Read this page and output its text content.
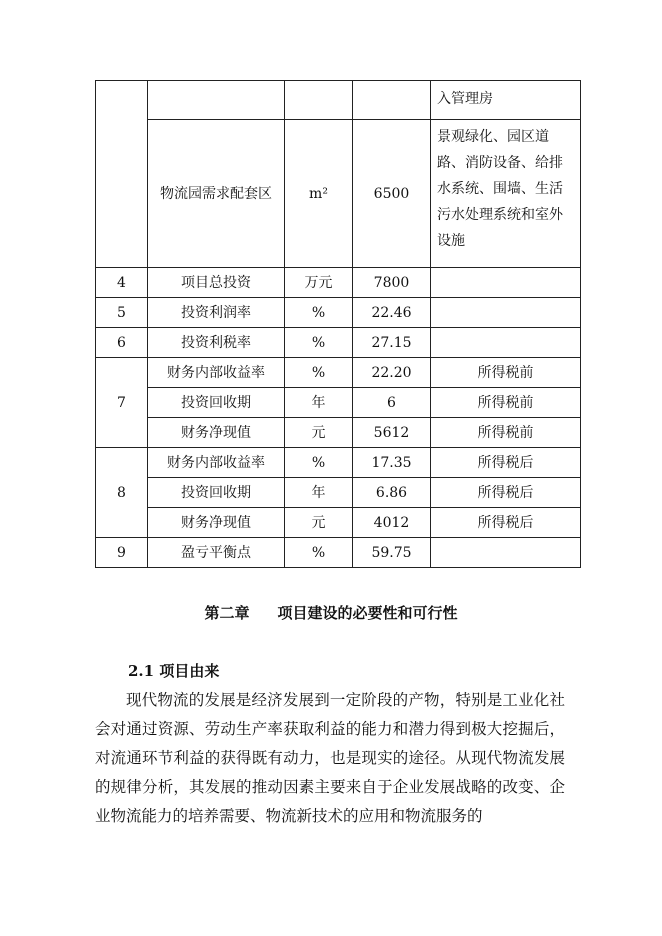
				入管理房
	物流园需求配套区	m²	6500	景观绿化、园区道路、消防设备、给排水系统、围墙、生活污水处理系统和室外设施
4	项目总投资	万元	7800	
5	投资利润率	%	22.46	
6	投资利税率	%	27.15	
7	财务内部收益率	%	22.20	所得税前
	投资回收期	年	6	所得税前
	财务净现值	元	5612	所得税前
8	财务内部收益率	%	17.35	所得税后
	投资回收期	年	6.86	所得税后
	财务净现值	元	4012	所得税后
9	盈亏平衡点	%	59.75	
第二章 项目建设的必要性和可行性
2.1 项目由来

现代物流的发展是经济发展到一定阶段的产物，特别是工业化社会对通过资源、劳动生产率获取利益的能力和潜力得到极大挖掘后，对流通环节利益的获得既有动力，也是现实的途径。从现代物流发展的规律分析，其发展的推动因素主要来自于企业发展战略的改变、企业物流能力的培养需要、物流新技术的应用和物流服务的
